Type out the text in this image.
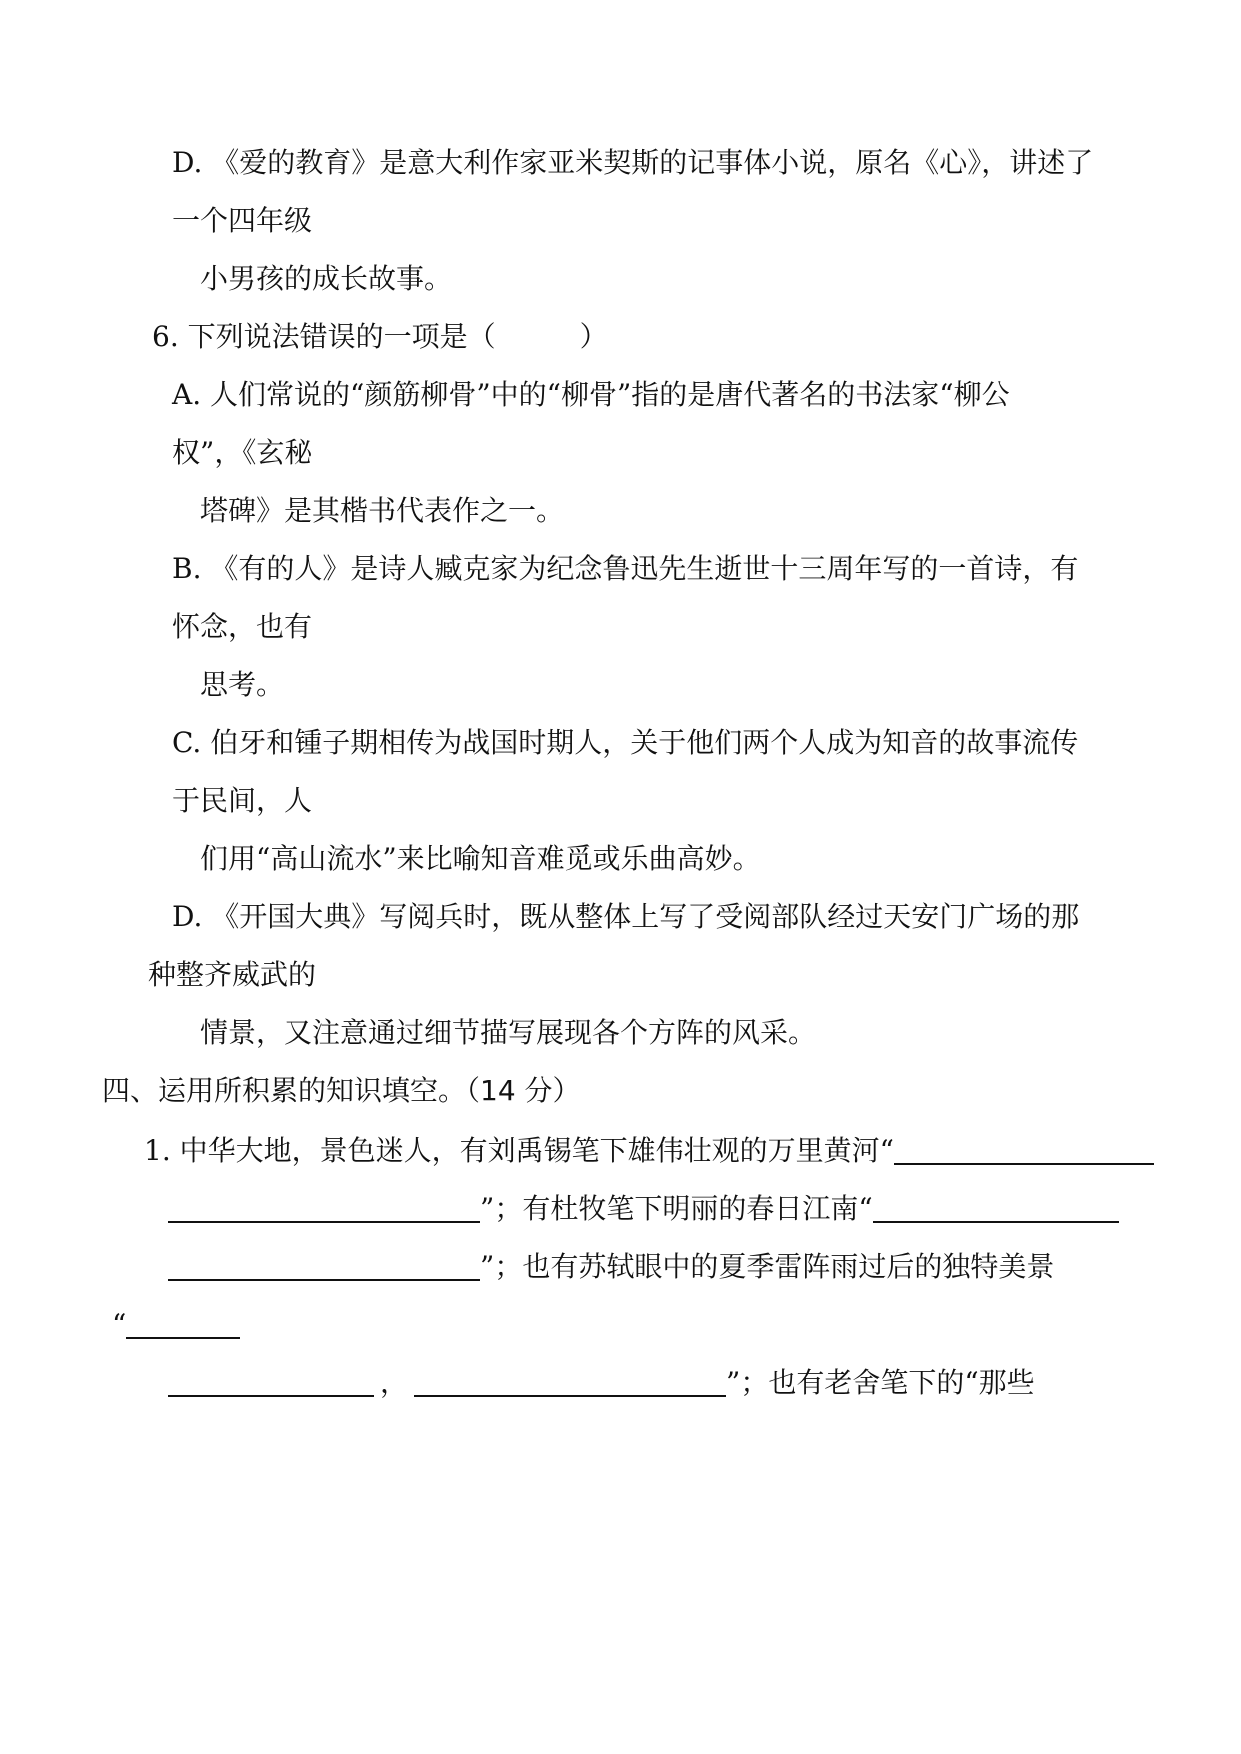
D. 《爱的教育》是意大利作家亚米契斯的记事体小说，原名《心》，讲述了
一个四年级
小男孩的成长故事。
6. 下列说法错误的一项是（　　　）
A. 人们常说的“颜筋柳骨”中的“柳骨”指的是唐代著名的书法家“柳公
权”，《玄秘
塔碑》是其楷书代表作之一。
B. 《有的人》是诗人臧克家为纪念鲁迅先生逝世十三周年写的一首诗，有
怀念，也有
思考。
C. 伯牙和锺子期相传为战国时期人，关于他们两个人成为知音的故事流传
于民间，人
们用“高山流水”来比喻知音难觅或乐曲高妙。
D. 《开国大典》写阅兵时，既从整体上写了受阅部队经过天安门广场的那
种整齐威武的
情景，又注意通过细节描写展现各个方阵的风采。
四、运用所积累的知识填空。（14 分）
1. 中华大地，景色迷人，有刘禹锡笔下雄伟壮观的万里黄河“
”；有杜牧笔下明丽的春日江南“
”；也有苏轼眼中的夏季雷阵雨过后的独特美景
“
，	”；也有老舍笔下的“那些
